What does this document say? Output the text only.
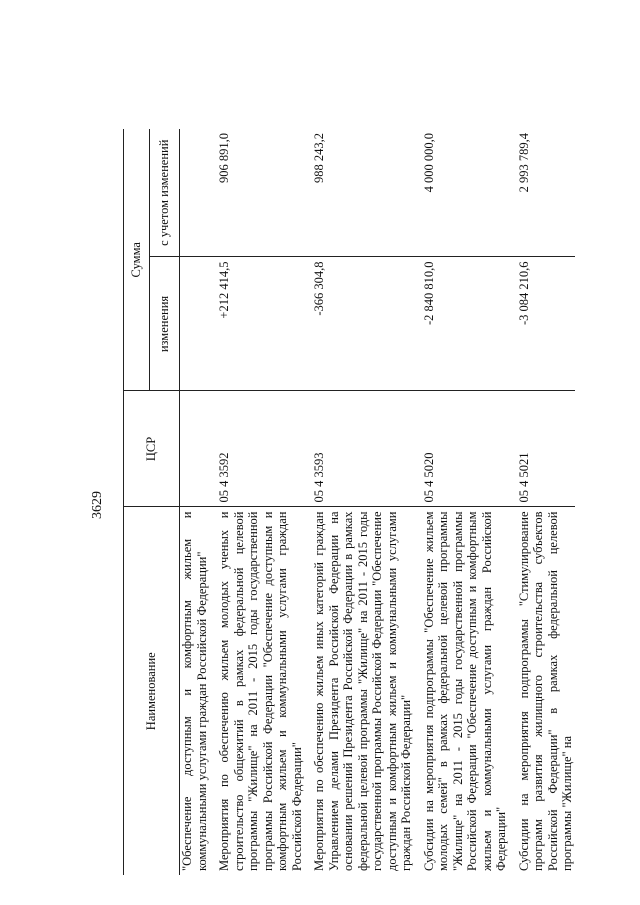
3629
Наименование	ЦСР	Сумма	
		изменения	с учетом изменений
"Обеспечение доступным и комфортным жильем и коммунальными услугами граждан Российской Федерации"			

Мероприятия по обеспечению жильем молодых ученых и строительство общежитий в рамках федеральной целевой программы "Жилище" на 2011 - 2015 годы государственной программы Российской Федерации "Обеспечение доступным и комфортным жильем и коммунальными услугами граждан Российской Федерации"	05 4 3592	+212 414,5	906 891,0

Мероприятия по обеспечению жильем иных категорий граждан Управлением делами Президента Российской Федерации на основании решений Президента Российской Федерации в рамках федеральной целевой программы "Жилище" на 2011 - 2015 годы государственной программы Российской Федерации "Обеспечение доступным и комфортным жильем и коммунальными услугами граждан Российской Федерации"	05 4 3593	-366 304,8	988 243,2

Субсидии на мероприятия подпрограммы "Обеспечение жильем молодых семей" в рамках федеральной целевой программы "Жилище" на 2011 - 2015 годы государственной программы Российской Федерации "Обеспечение доступным и комфортным жильем и коммунальными услугами граждан Российской Федерации"	05 4 5020	-2 840 810,0	4 000 000,0

Субсидии на мероприятия подпрограммы "Стимулирование программ развития жилищного строительства субъектов Российской Федерации" в рамках федеральной целевой программы "Жилище" на	05 4 5021	-3 084 210,6	2 993 789,4
